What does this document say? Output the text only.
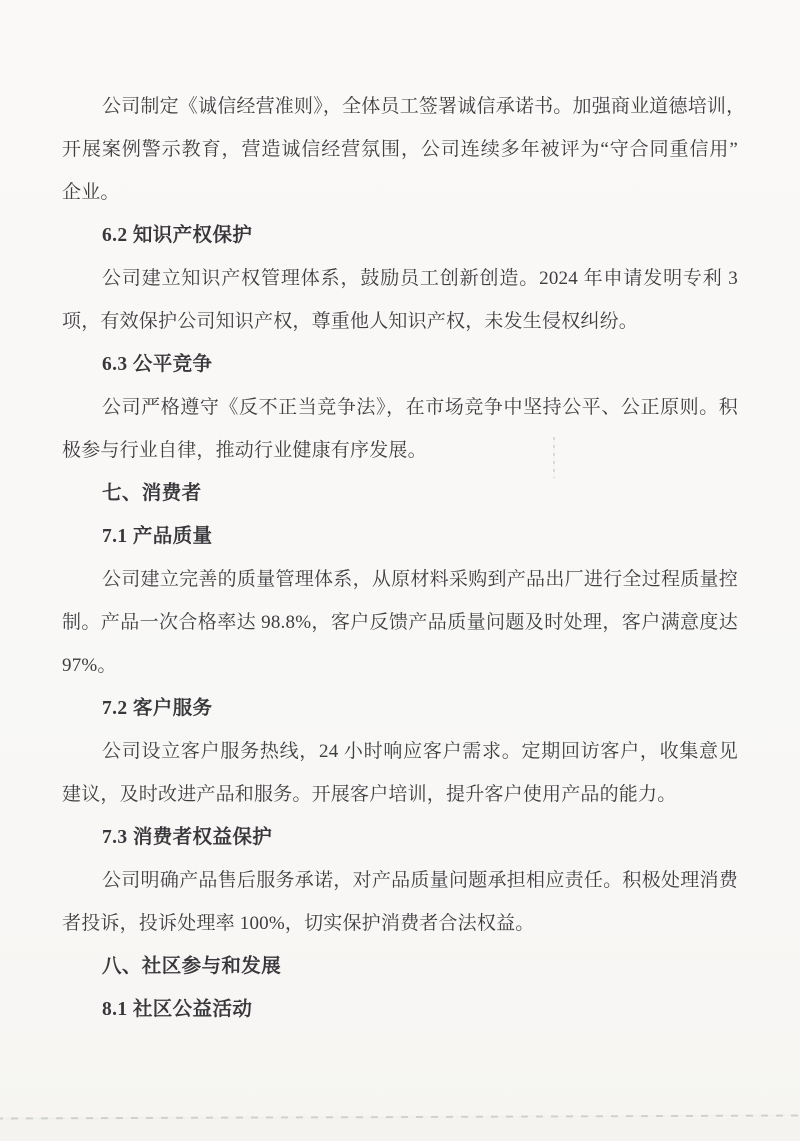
公司制定《诚信经营准则》，全体员工签署诚信承诺书。加强商业道德培训，
开展案例警示教育，营造诚信经营氛围，公司连续多年被评为“守合同重信用”
企业。
6.2 知识产权保护
公司建立知识产权管理体系，鼓励员工创新创造。2024 年申请发明专利 3
项，有效保护公司知识产权，尊重他人知识产权，未发生侵权纠纷。
6.3 公平竞争
公司严格遵守《反不正当竞争法》，在市场竞争中坚持公平、公正原则。积
极参与行业自律，推动行业健康有序发展。
七、消费者
7.1 产品质量
公司建立完善的质量管理体系，从原材料采购到产品出厂进行全过程质量控
制。产品一次合格率达 98.8%，客户反馈产品质量问题及时处理，客户满意度达
97%。
7.2 客户服务
公司设立客户服务热线，24 小时响应客户需求。定期回访客户，收集意见
建议，及时改进产品和服务。开展客户培训，提升客户使用产品的能力。
7.3 消费者权益保护
公司明确产品售后服务承诺，对产品质量问题承担相应责任。积极处理消费
者投诉，投诉处理率 100%，切实保护消费者合法权益。
八、社区参与和发展
8.1 社区公益活动
